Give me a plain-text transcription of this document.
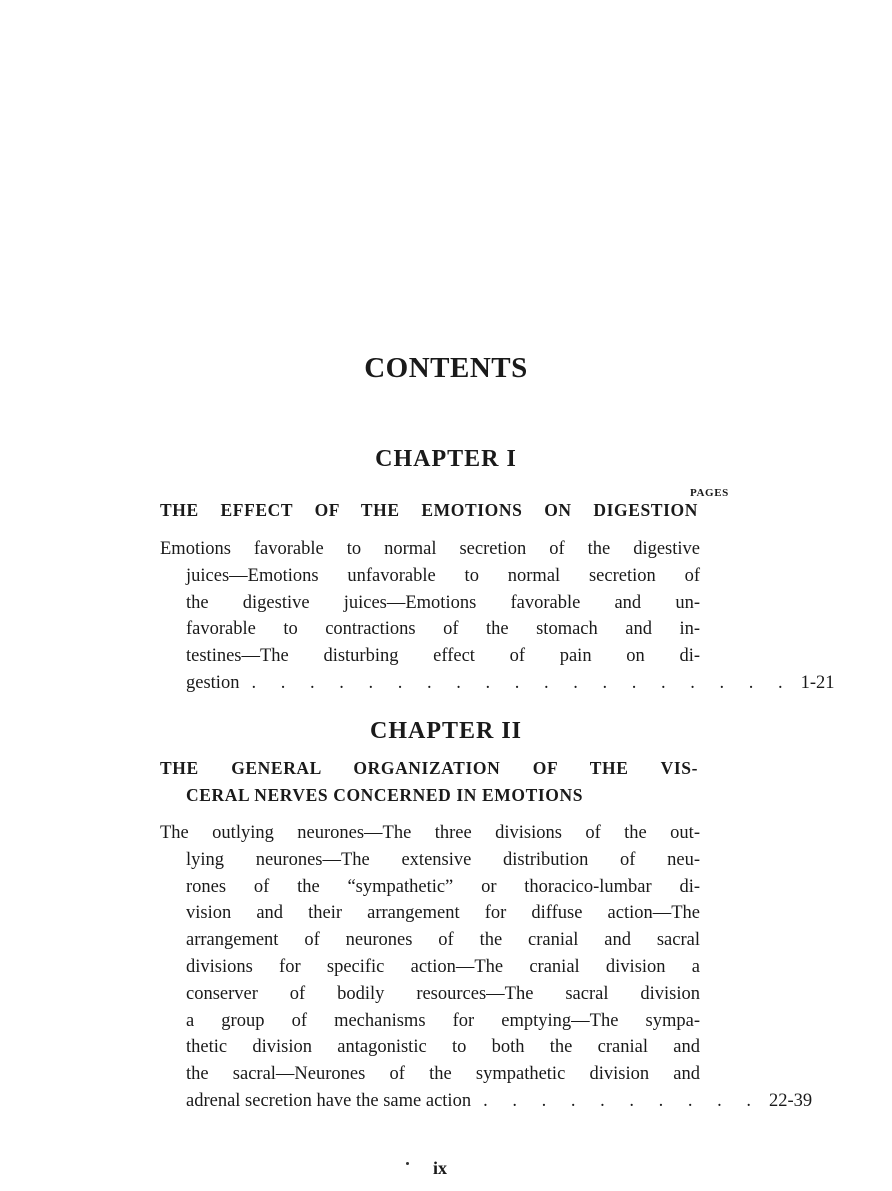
CONTENTS
CHAPTER I
PAGES
THE EFFECT OF THE EMOTIONS ON DIGESTION
Emotions favorable to normal secretion of the digestive
juices—Emotions unfavorable to normal secretion of
the digestive juices—Emotions favorable and un-
favorable to contractions of the stomach and in-
testines—The disturbing effect of pain on di-
gestion . . . . . . . . . . . . . . . . . . . 1-21
CHAPTER II
THE GENERAL ORGANIZATION OF THE VIS-
CERAL NERVES CONCERNED IN EMOTIONS
The outlying neurones—The three divisions of the out-
lying neurones—The extensive distribution of neu-
rones of the “sympathetic” or thoracico-lumbar di-
vision and their arrangement for diffuse action—The
arrangement of neurones of the cranial and sacral
divisions for specific action—The cranial division a
conserver of bodily resources—The sacral division
a group of mechanisms for emptying—The sympa-
thetic division antagonistic to both the cranial and
the sacral—Neurones of the sympathetic division and
adrenal secretion have the same action . . . . . . . . . . 22-39
ix
